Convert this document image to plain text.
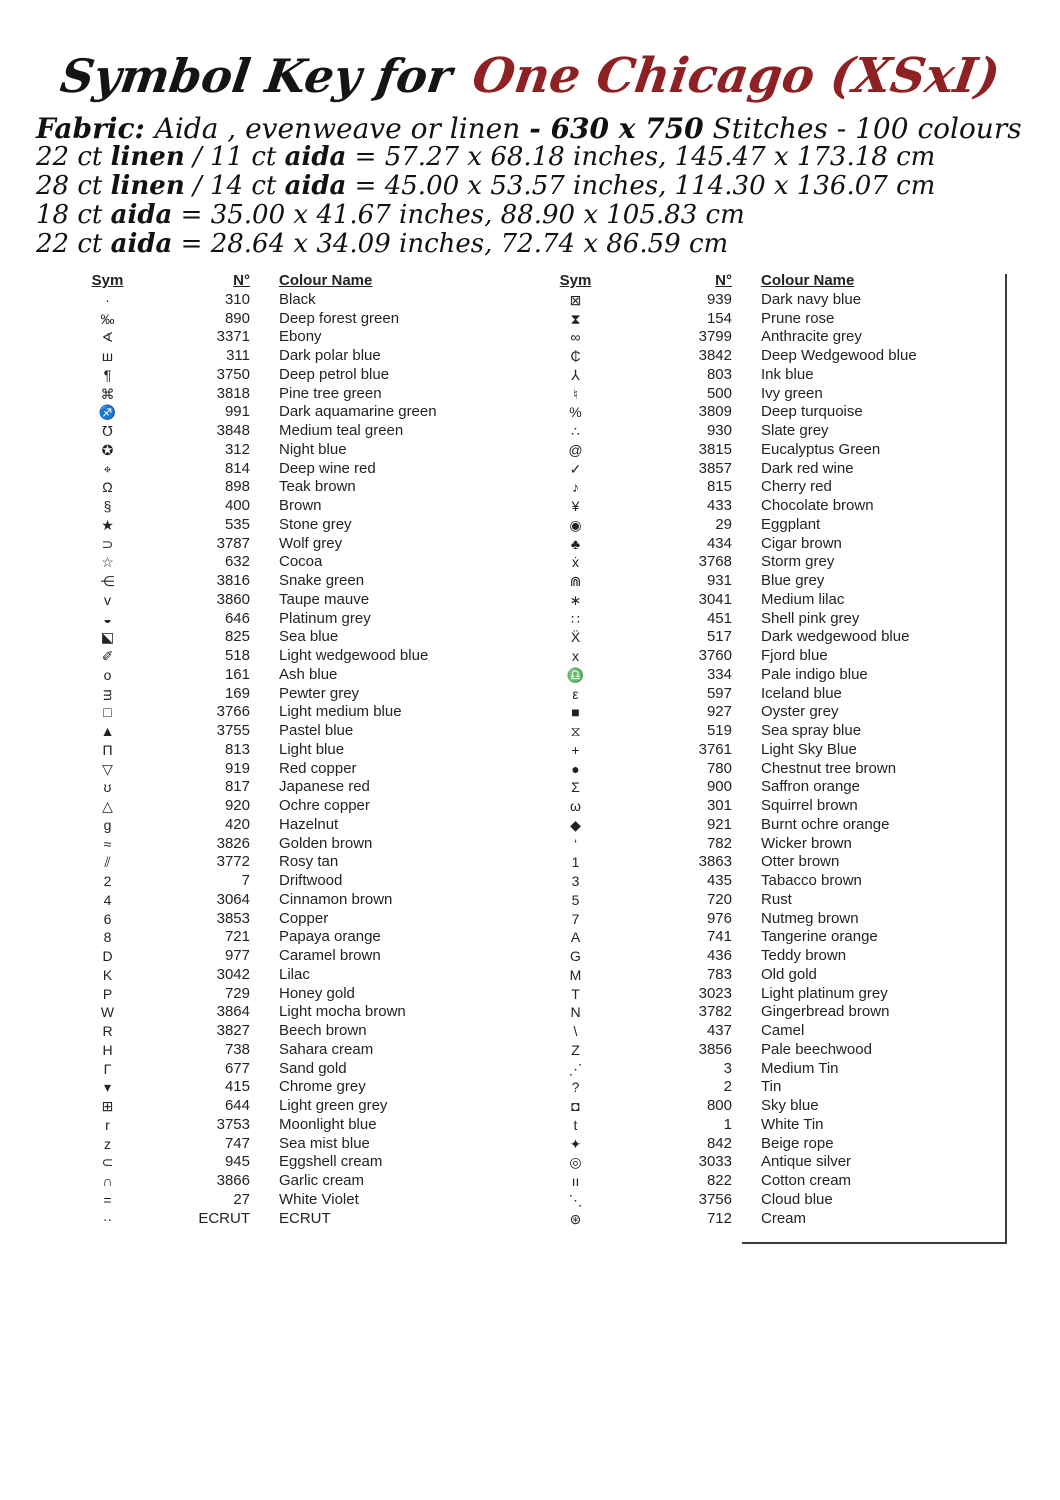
Symbol Key for One Chicago (XSxI)
Fabric: Aida , evenweave or linen - 630 x 750 Stitches - 100 colours
22 ct linen / 11 ct aida = 57.27 x 68.18 inches, 145.47 x 173.18 cm
28 ct linen / 14 ct aida = 45.00 x 53.57 inches, 114.30 x 136.07 cm
18 ct aida = 35.00 x 41.67 inches, 88.90 x 105.83 cm
22 ct aida = 28.64 x 34.09 inches, 72.74 x 86.59 cm
Sym	N°	Colour Name
·	310	Black
‰	890	Deep forest green
∢	3371	Ebony
ш	311	Dark polar blue
¶	3750	Deep petrol blue
⌘	3818	Pine tree green
♐	991	Dark aquamarine green
℧	3848	Medium teal green
✪	312	Night blue
⌖	814	Deep wine red
Ω	898	Teak brown
§	400	Brown
★	535	Stone grey
⊃	3787	Wolf grey
☆	632	Cocoa
⋲	3816	Snake green
ᴠ	3860	Taupe mauve
◒	646	Platinum grey
⬕	825	Sea blue
✐	518	Light wedgewood blue
o	161	Ash blue
ᴟ	169	Pewter grey
□	3766	Light medium blue
▲	3755	Pastel blue
Π	813	Light blue
▽	919	Red copper
ʊ	817	Japanese red
△	920	Ochre copper
g	420	Hazelnut
≈	3826	Golden brown
⫽	3772	Rosy tan
2	7	Driftwood
4	3064	Cinnamon brown
6	3853	Copper
8	721	Papaya orange
D	977	Caramel brown
K	3042	Lilac
P	729	Honey gold
W	3864	Light mocha brown
R	3827	Beech brown
H	738	Sahara cream
Γ	677	Sand gold
▾	415	Chrome grey
⊞	644	Light green grey
r	3753	Moonlight blue
z	747	Sea mist blue
⊂	945	Eggshell cream
∩	3866	Garlic cream
=	27	White Violet
··	ECRUT	ECRUT
Sym	N°	Colour Name
⊠	939	Dark navy blue
⧗	154	Prune rose
∞	3799	Anthracite grey
₵	3842	Deep Wedgewood blue
⅄	803	Ink blue
♮	500	Ivy green
%	3809	Deep turquoise
∴	930	Slate grey
@	3815	Eucalyptus Green
✓	3857	Dark red wine
♪	815	Cherry red
¥	433	Chocolate brown
◉	29	Eggplant
♣	434	Cigar brown
ẋ	3768	Storm grey
⋒	931	Blue grey
∗	3041	Medium lilac
∷	451	Shell pink grey
Ẍ	517	Dark wedgewood blue
x	3760	Fjord blue
♎	334	Pale indigo blue
ε	597	Iceland blue
■	927	Oyster grey
⧖	519	Sea spray blue
+	3761	Light Sky Blue
●	780	Chestnut tree brown
Σ	900	Saffron orange
ω	301	Squirrel brown
◆	921	Burnt ochre orange
‘	782	Wicker brown
1	3863	Otter brown
3	435	Tabacco brown
5	720	Rust
7	976	Nutmeg brown
A	741	Tangerine orange
G	436	Teddy brown
M	783	Old gold
T	3023	Light platinum grey
N	3782	Gingerbread brown
\	437	Camel
Z	3856	Pale beechwood
⋰	3	Medium Tin
?	2	Tin
◘	800	Sky blue
t	1	White Tin
✦	842	Beige rope
◎	3033	Antique silver
ıı	822	Cotton cream
⋱	3756	Cloud blue
⊛	712	Cream
